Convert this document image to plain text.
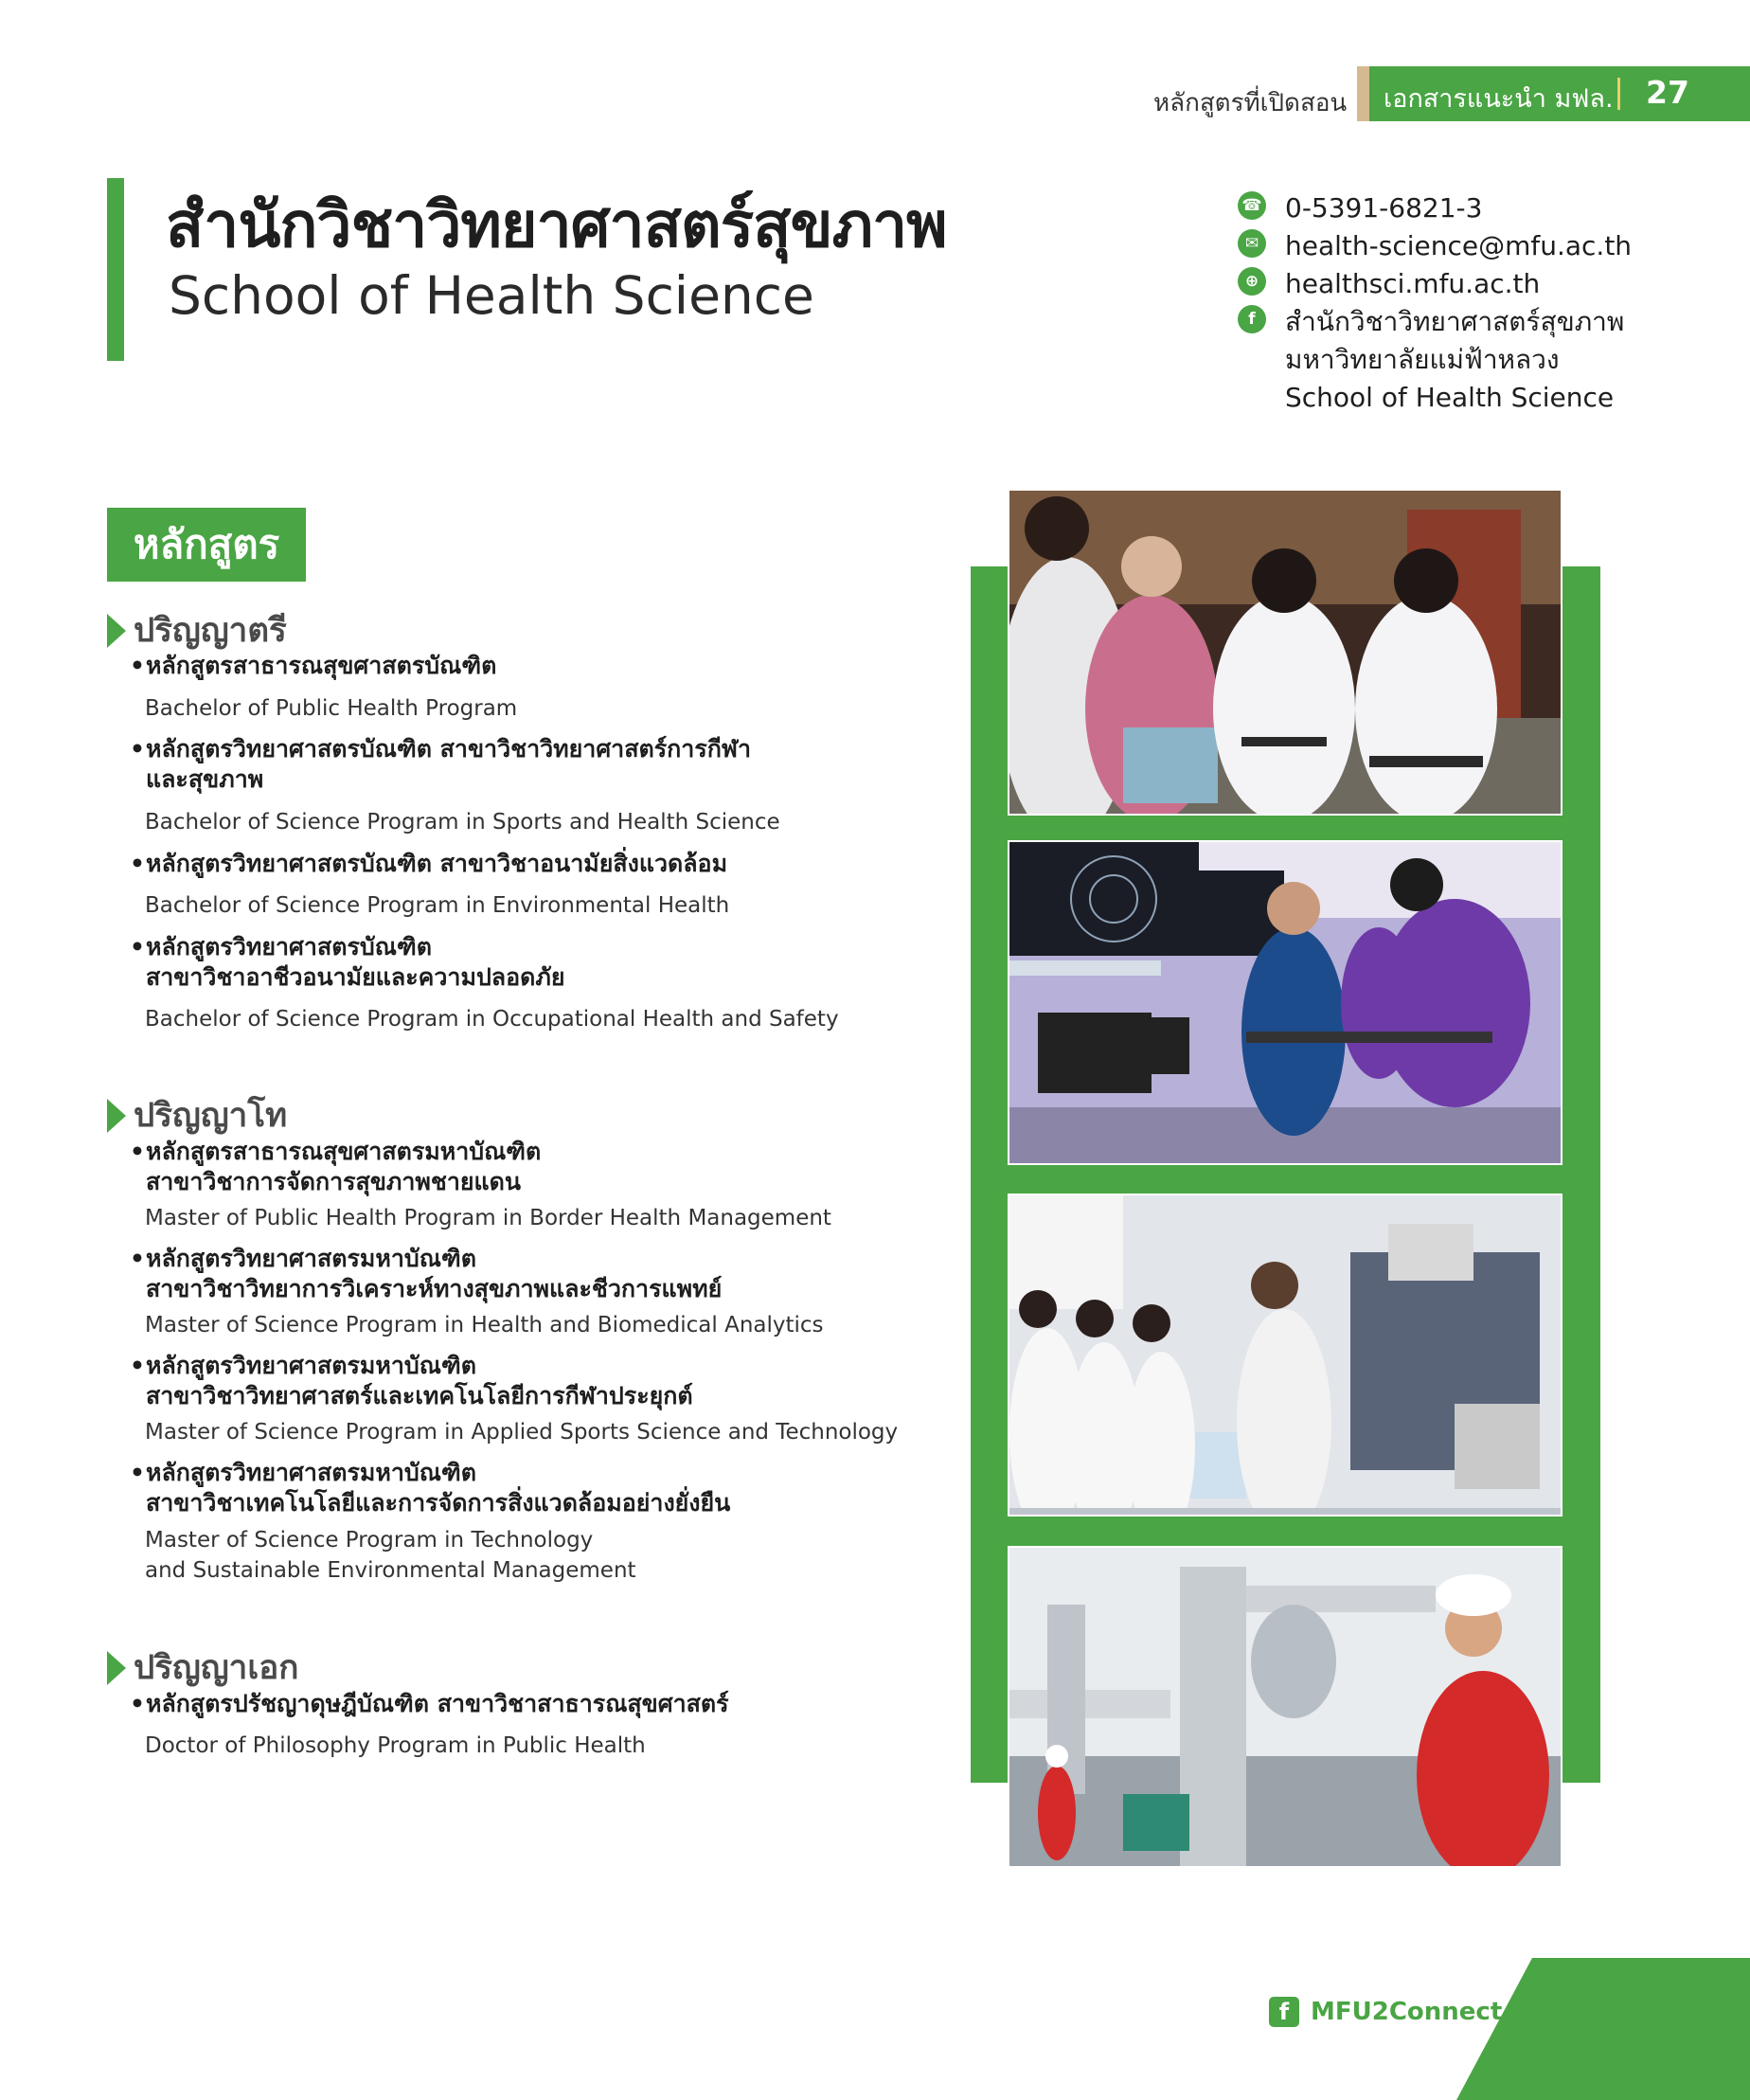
หลักสูตรที่เปิดสอน เอกสารแนะนำ มฟล. 27
สำนักวิชาวิทยาศาสตร์สุขภาพ
School of Health Science
☎ 0-5391-6821-3
✉ health-science@mfu.ac.th
⊕ healthsci.mfu.ac.th
f	สำนักวิชาวิทยาศาสตร์สุขภาพ
มหาวิทยาลัยแม่ฟ้าหลวง
School of Health Science
หลักสูตร
ปริญญาตรี
•หลักสูตรสาธารณสุขศาสตรบัณฑิต
Bachelor of Public Health Program
•หลักสูตรวิทยาศาสตรบัณฑิต สาขาวิชาวิทยาศาสตร์การกีฬา
และสุขภาพ
Bachelor of Science Program in Sports and Health Science
•หลักสูตรวิทยาศาสตรบัณฑิต สาขาวิชาอนามัยสิ่งแวดล้อม
Bachelor of Science Program in Environmental Health
•หลักสูตรวิทยาศาสตรบัณฑิต
สาขาวิชาอาชีวอนามัยและความปลอดภัย
Bachelor of Science Program in Occupational Health and Safety
ปริญญาโท
•หลักสูตรสาธารณสุขศาสตรมหาบัณฑิต
สาขาวิชาการจัดการสุขภาพชายแดน
Master of Public Health Program in Border Health Management
•หลักสูตรวิทยาศาสตรมหาบัณฑิต
สาขาวิชาวิทยาการวิเคราะห์ทางสุขภาพและชีวการแพทย์
Master of Science Program in Health and Biomedical Analytics
•หลักสูตรวิทยาศาสตรมหาบัณฑิต
สาขาวิชาวิทยาศาสตร์และเทคโนโลยีการกีฬาประยุกต์
Master of Science Program in Applied Sports Science and Technology
•หลักสูตรวิทยาศาสตรมหาบัณฑิต
สาขาวิชาเทคโนโลยีและการจัดการสิ่งแวดล้อมอย่างยั่งยืน
Master of Science Program in Technology
and Sustainable Environmental Management
ปริญญาเอก
•หลักสูตรปรัชญาดุษฎีบัณฑิต สาขาวิชาสาธารณสุขศาสตร์
Doctor of Philosophy Program in Public Health
f MFU2Connect
